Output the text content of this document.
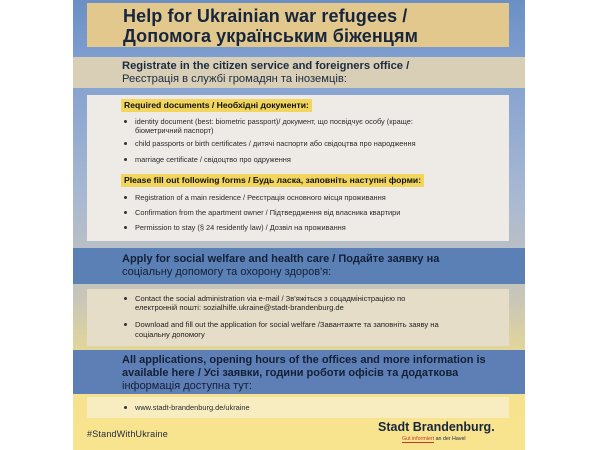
Help for Ukrainian war refugees /
Допомога українським біженцям
Registrate in the citizen service and foreigners office /
Реєстрація в службі громадян та іноземців:
Required documents / Необхідні документи:
identity document (best: biometric passport)/ документ, що посвідчує особу (краще:
біометричний паспорт)
child passports or birth certificates / дитячі паспорти або свідоцтва про народження
marriage certificate / свідоцтво про одружeння
Please fill out following forms / Будь ласка, заповніть наступні форми:
Registration of a main residence / Реєстрація основного місця проживання
Confirmation from the apartment owner / Підтвердження від власника квартири
Permission to stay (§ 24 residently law) / Дозвіл на проживання
Apply for social welfare and health care / Подайте заявку на
соціальну допомогу та охорону здоров'я:
Contact the social administration via e-mail / Зв'яжіться з соцадміністрацією по
електронній пошті: sozialhilfe.ukraine@stadt-brandenburg.de
Download and fill out the application for social welfare /Завантажте та заповніть заяву на
соціальну допомогу
All applications, opening hours of the offices and more information is
available here / Усі заявки, години роботи офісів та додаткова
інформація доступна тут:
www.stadt-brandenburg.de/ukraine
#StandWithUkraine	Stadt Brandenburg.
Gut informiert an der Havel
